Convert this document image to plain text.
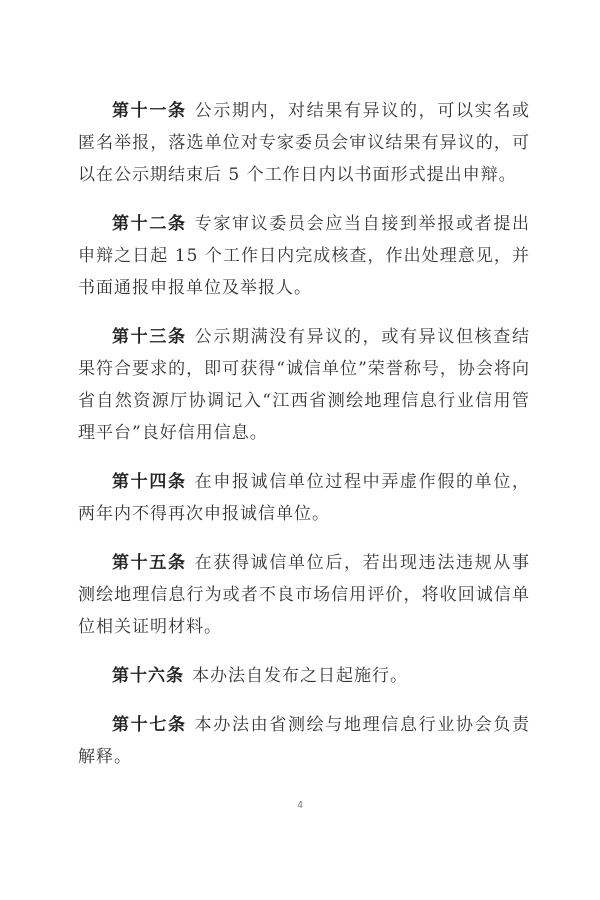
第十一条 公示期内，对结果有异议的，可以实名或匿名举报，落选单位对专家委员会审议结果有异议的，可以在公示期结束后 5 个工作日内以书面形式提出申辩。

第十二条 专家审议委员会应当自接到举报或者提出申辩之日起 15 个工作日内完成核查，作出处理意见，并书面通报申报单位及举报人。

第十三条 公示期满没有异议的，或有异议但核查结果符合要求的，即可获得“诚信单位”荣誉称号，协会将向省自然资源厅协调记入“江西省测绘地理信息行业信用管理平台”良好信用信息。

第十四条 在申报诚信单位过程中弄虚作假的单位，两年内不得再次申报诚信单位。

第十五条 在获得诚信单位后，若出现违法违规从事测绘地理信息行为或者不良市场信用评价，将收回诚信单位相关证明材料。

第十六条 本办法自发布之日起施行。

第十七条 本办法由省测绘与地理信息行业协会负责解释。

4
